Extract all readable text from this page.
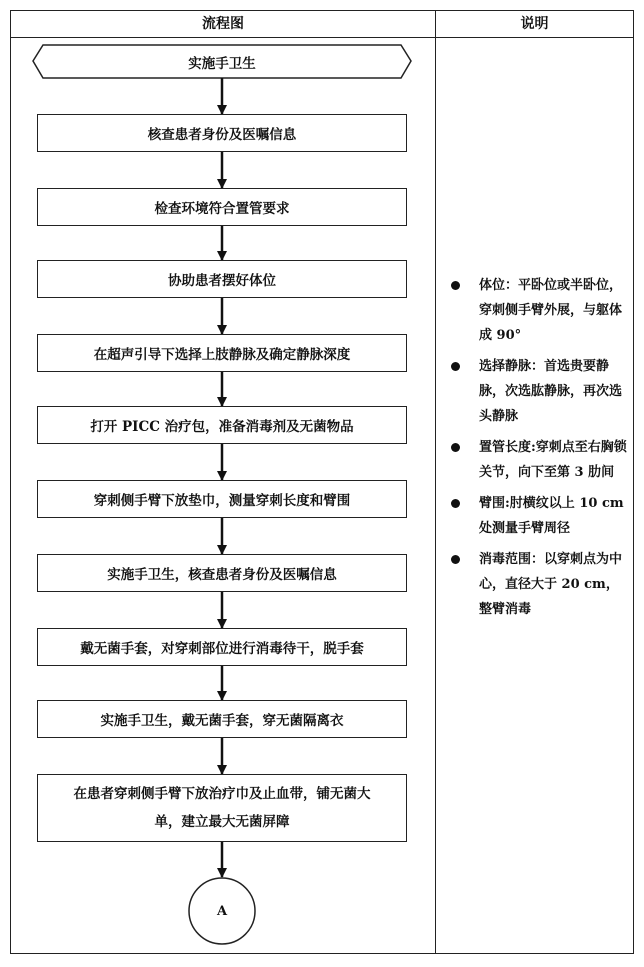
流程图	说明
实施手卫生
核查患者身份及医嘱信息
检查环境符合置管要求
协助患者摆好体位
在超声引导下选择上肢静脉及确定静脉深度
打开 PICC 治疗包，准备消毒剂及无菌物品
穿刺侧手臂下放垫巾，测量穿刺长度和臂围
实施手卫生，核查患者身份及医嘱信息
戴无菌手套，对穿刺部位进行消毒待干，脱手套
实施手卫生，戴无菌手套，穿无菌隔离衣
在患者穿刺侧手臂下放治疗巾及止血带，铺无菌大
单，建立最大无菌屏障
A
体位：平卧位或半卧位，穿刺侧手臂外展，与躯体成 90°
选择静脉：首选贵要静脉，次选肱静脉，再次选头静脉
置管长度:穿刺点至右胸锁关节，向下至第 3 肋间
臂围:肘横纹以上 10 cm 处测量手臂周径
消毒范围：以穿刺点为中心，直径大于 20 cm，整臂消毒
